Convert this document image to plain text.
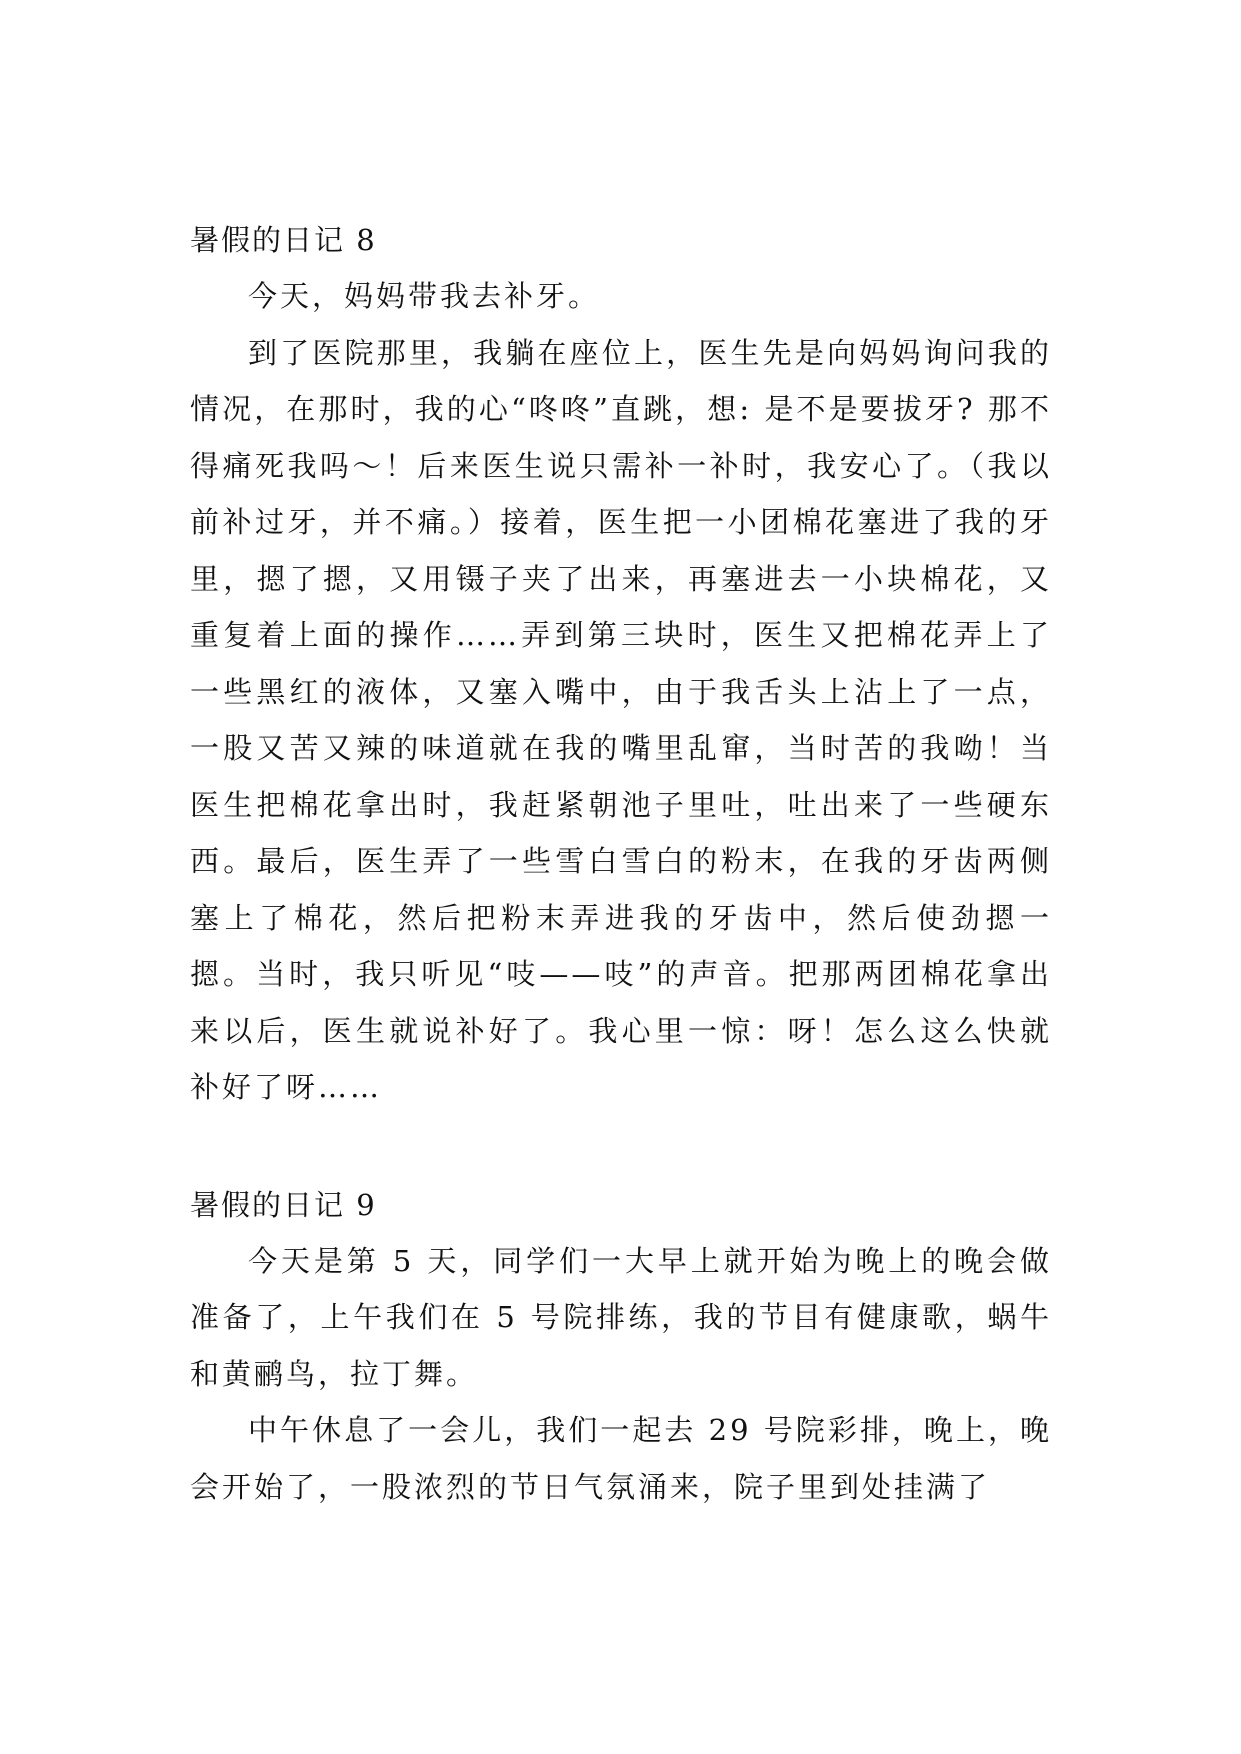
暑假的日记 8

今天，妈妈带我去补牙。

到了医院那里，我躺在座位上，医生先是向妈妈询问我的情况，在那时，我的心“咚咚”直跳，想: 是不是要拔牙? 那不得痛死我吗～！后来医生说只需补一补时，我安心了。（我以前补过牙，并不痛。）接着，医生把一小团棉花塞进了我的牙里，摁了摁，又用镊子夹了出来，再塞进去一小块棉花，又重复着上面的操作……弄到第三块时，医生又把棉花弄上了一些黑红的液体，又塞入嘴中，由于我舌头上沾上了一点，一股又苦又辣的味道就在我的嘴里乱窜，当时苦的我呦！当医生把棉花拿出时，我赶紧朝池子里吐，吐出来了一些硬东西。最后，医生弄了一些雪白雪白的粉末，在我的牙齿两侧塞上了棉花，然后把粉末弄进我的牙齿中，然后使劲摁一摁。当时，我只听见“吱——吱”的声音。把那两团棉花拿出来以后，医生就说补好了。我心里一惊：呀！怎么这么快就补好了呀……

暑假的日记 9

今天是第 5 天，同学们一大早上就开始为晚上的晚会做准备了，上午我们在 5 号院排练，我的节目有健康歌，蜗牛和黄鹂鸟，拉丁舞。

中午休息了一会儿，我们一起去 29 号院彩排，晚上，晚会开始了，一股浓烈的节日气氛涌来，院子里到处挂满了
